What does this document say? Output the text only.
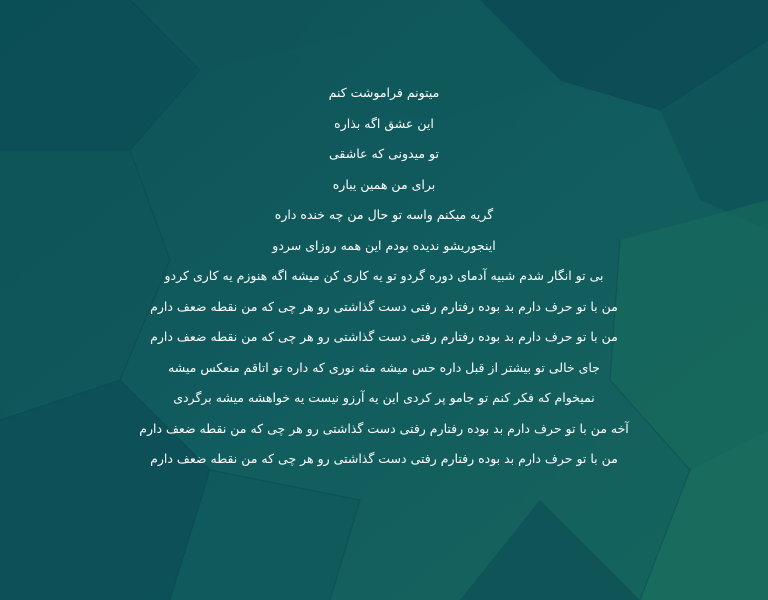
میتونم فراموشت کنم
این عشق اگه بذاره
تو میدونی که عاشقی
برای من همین یباره
گریه میکنم واسه تو حال من چه خنده داره
اینجوریشو ندیده بودم این همه روزای سردو
بی تو انگار شدم شبیه آدمای دوره گردو تو یه کاری کن میشه اگه هنوزم یه کاری کردو
من با تو حرف دارم بد بوده رفتارم رفتی دست گذاشتی رو هر چی که من نقطه ضعف دارم
من با تو حرف دارم بد بوده رفتارم رفتی دست گذاشتی رو هر چی که من نقطه ضعف دارم
جای خالی تو بیشتر از قبل داره حس میشه مثه نوری که داره تو اتاقم منعکس میشه
نمیخوام که فکر کنم تو جامو پر کردی این یه آرزو نیست یه خواهشه میشه برگردی
آخه من با تو حرف دارم بد بوده رفتارم رفتی دست گذاشتی رو هر چی که من نقطه ضعف دارم
من با تو حرف دارم بد بوده رفتارم رفتی دست گذاشتی رو هر چی که من نقطه ضعف دارم
